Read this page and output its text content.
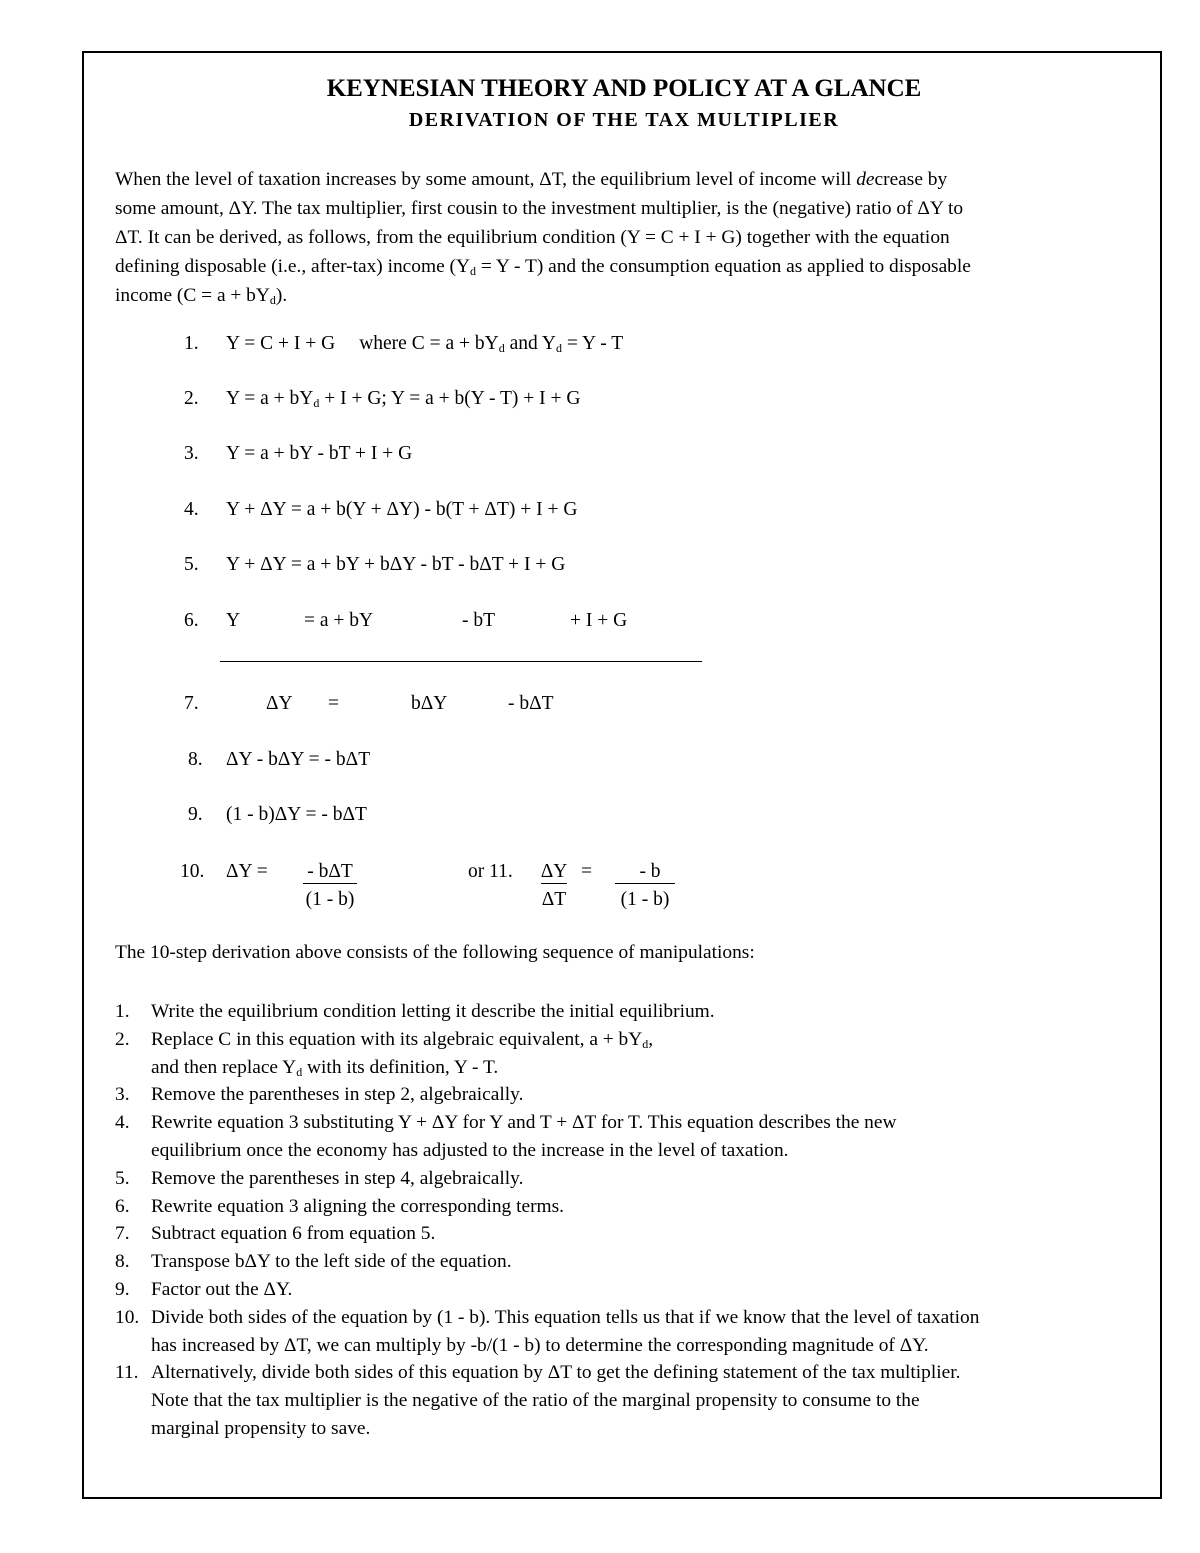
KEYNESIAN THEORY AND POLICY AT A GLANCE
DERIVATION OF THE TAX MULTIPLIER
When the level of taxation increases by some amount, ΔT, the equilibrium level of income will decrease by
some amount, ΔY. The tax multiplier, first cousin to the investment multiplier, is the (negative) ratio of ΔY to
ΔT. It can be derived, as follows, from the equilibrium condition (Y = C + I + G) together with the equation
defining disposable (i.e., after-tax) income $(Y_d = Y - T)$ and the consumption equation as applied to disposable
income $(C = a + bY_d)$.
1. Y = C + I + G where $C = a + bY_d$ and $Y_d = Y - T$
2. $Y = a + bY_d + I + G$; Y = a + b(Y - T) + I + G
3. Y = a + bY - bT + I + G
4. Y + ΔY = a + b(Y + ΔY) - b(T + ΔT) + I + G
5. Y + ΔY = a + bY + bΔY - bT - bΔT + I + G
6. Y	= a + bY	- bT	+ I + G
7.	ΔY =	bΔY	- bΔT
8. ΔY - bΔY = - bΔT
9. (1 - b)ΔY = - bΔT
10. ΔY =	- bΔT
(1 - b)
or 11. ΔY
ΔT
=	- b
(1 - b)
The 10-step derivation above consists of the following sequence of manipulations:
1. Write the equilibrium condition letting it describe the initial equilibrium.
2. Replace C in this equation with its algebraic equivalent, $a + bY_d$,
and then replace $Y_d$ with its definition, Y - T.
3. Remove the parentheses in step 2, algebraically.
4. Rewrite equation 3 substituting Y + ΔY for Y and T + ΔT for T. This equation describes the new
equilibrium once the economy has adjusted to the increase in the level of taxation.
5. Remove the parentheses in step 4, algebraically.
6. Rewrite equation 3 aligning the corresponding terms.
7. Subtract equation 6 from equation 5.
8. Transpose bΔY to the left side of the equation.
9. Factor out the ΔY.
10. Divide both sides of the equation by (1 - b). This equation tells us that if we know that the level of taxation
has increased by ΔT, we can multiply by -b/(1 - b) to determine the corresponding magnitude of ΔY.
11. Alternatively, divide both sides of this equation by ΔT to get the defining statement of the tax multiplier.
Note that the tax multiplier is the negative of the ratio of the marginal propensity to consume to the
marginal propensity to save.
